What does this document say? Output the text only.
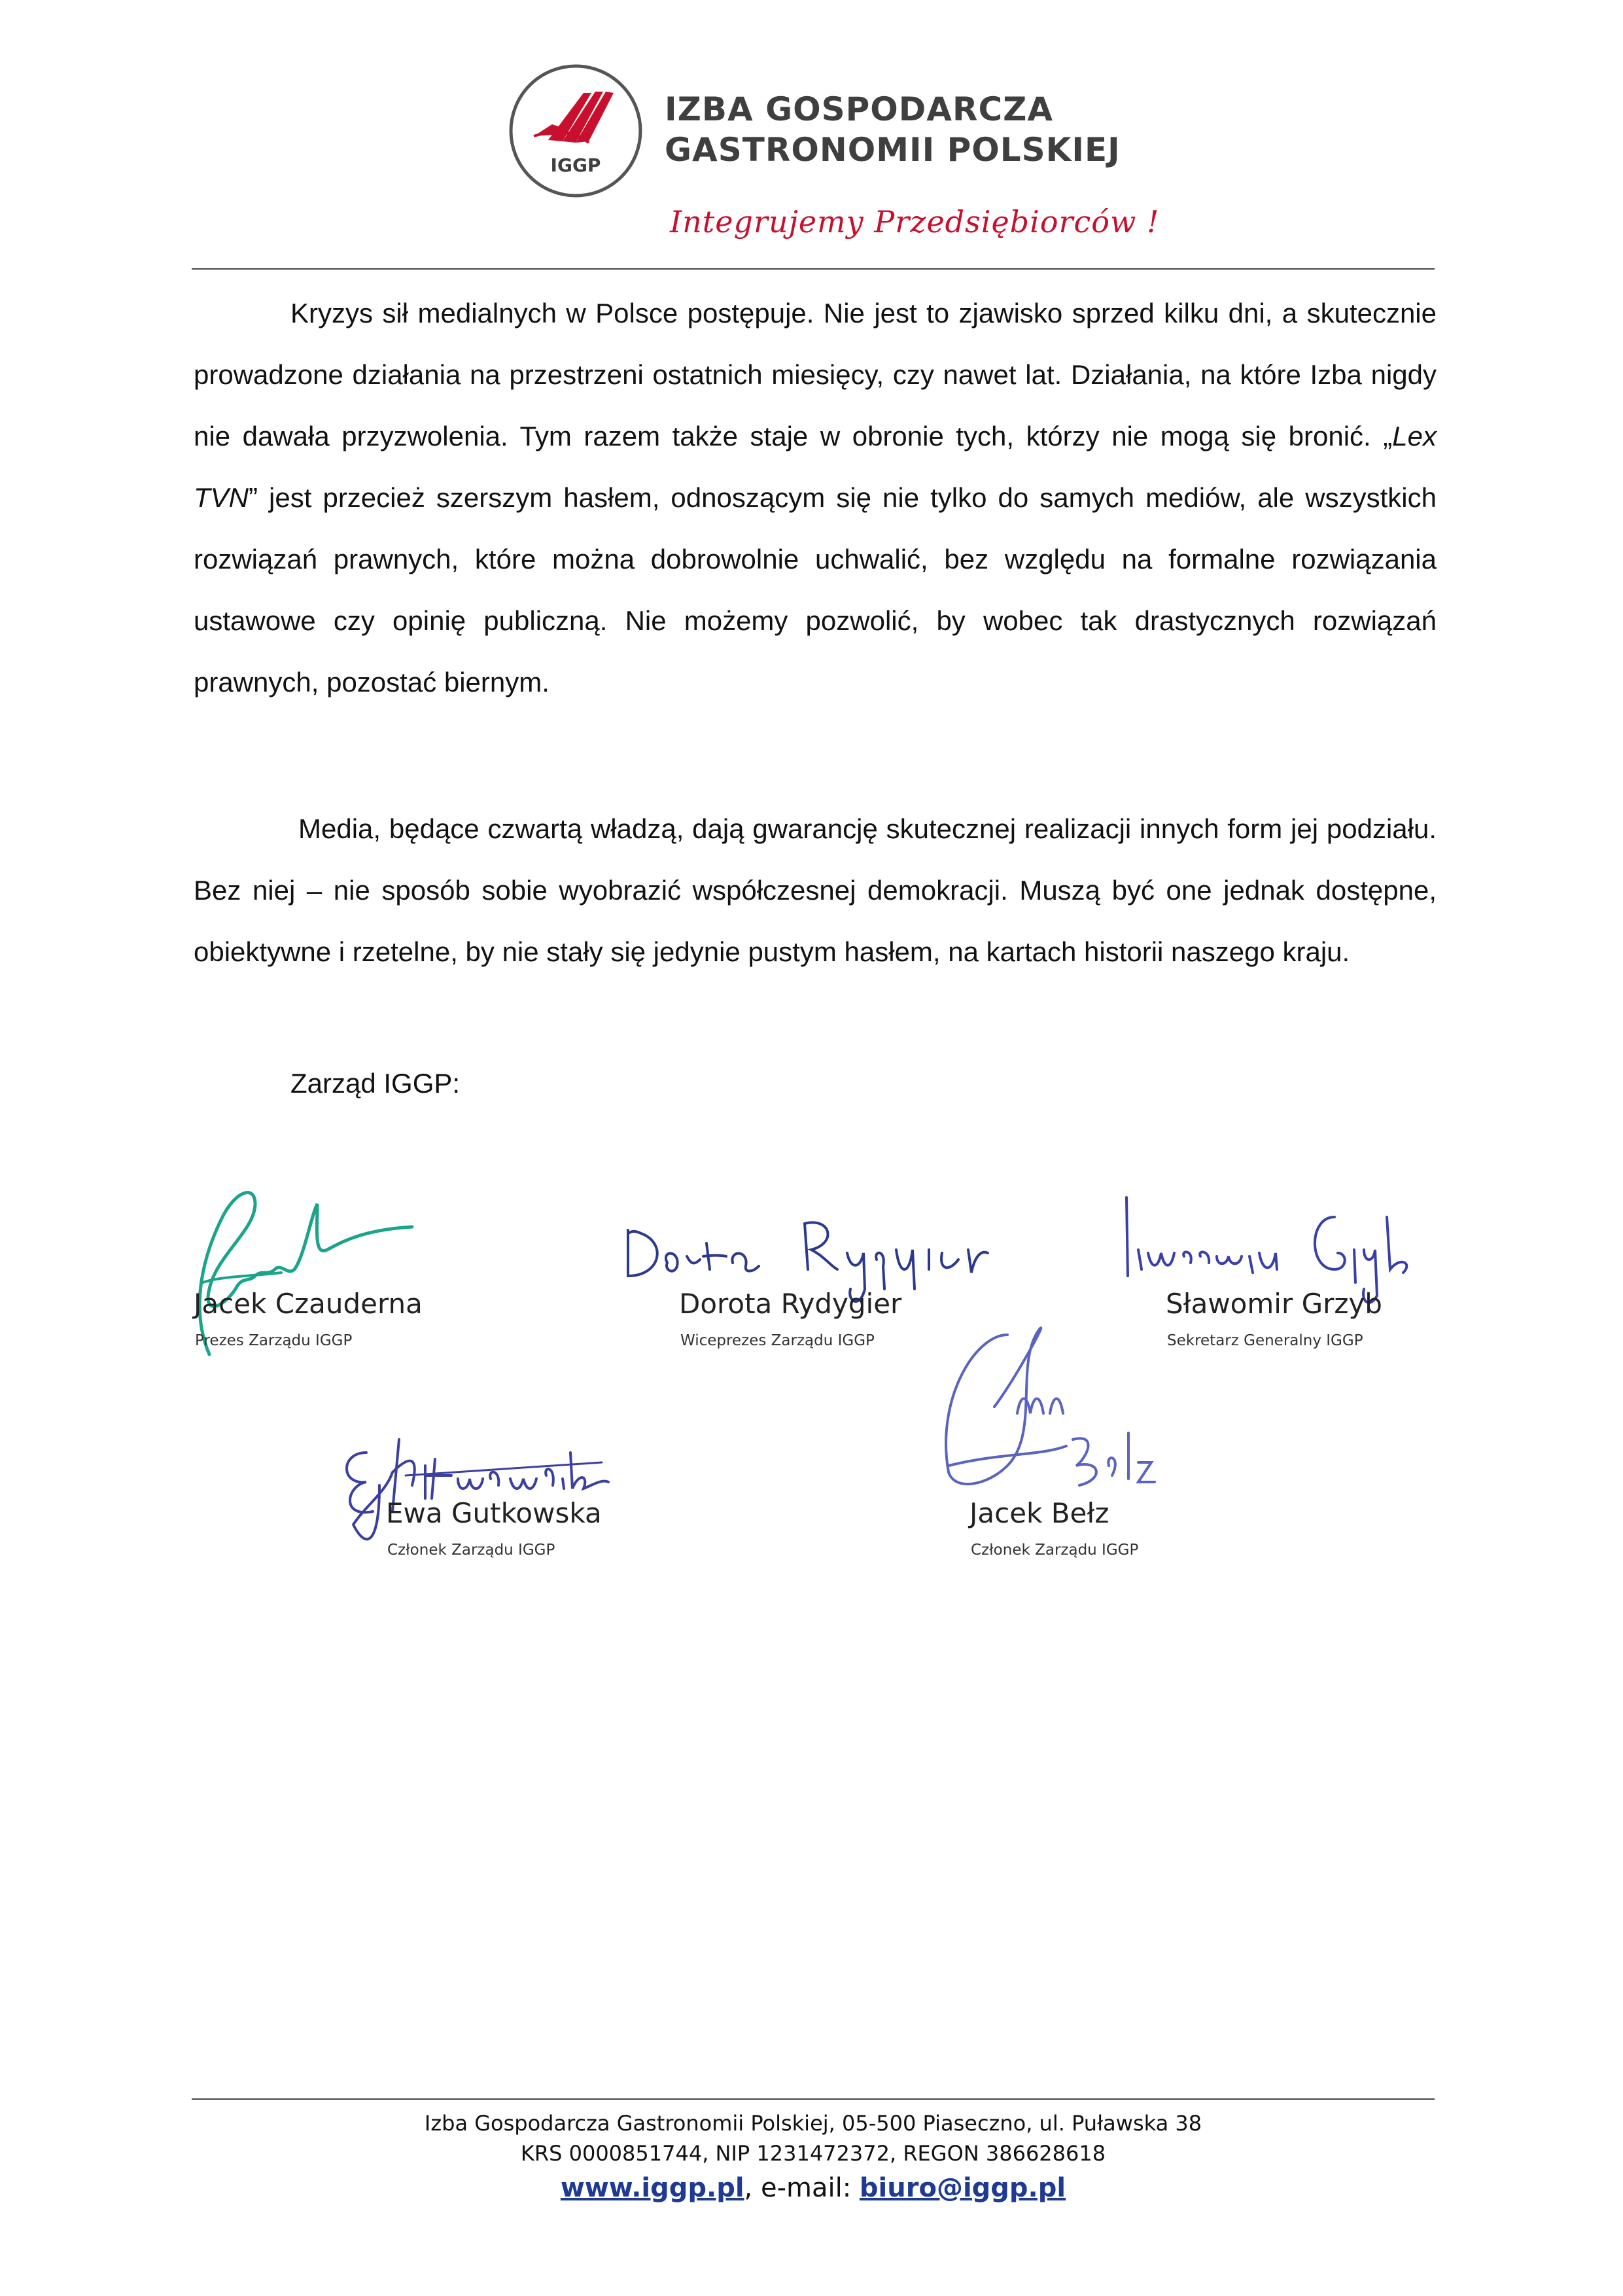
IGGP
IZBA GOSPODARCZA
GASTRONOMII POLSKIEJ
Integrujemy Przedsiębiorców !
Kryzys sił medialnych w Polsce postępuje. Nie jest to zjawisko sprzed kilku dni, a skutecznie prowadzone działania na przestrzeni ostatnich miesięcy, czy nawet lat. Działania, na które Izba nigdy nie dawała przyzwolenia. Tym razem także staje w obronie tych, którzy nie mogą się bronić. „Lex TVN” jest przecież szerszym hasłem, odnoszącym się nie tylko do samych mediów, ale wszystkich rozwiązań prawnych, które można dobrowolnie uchwalić, bez względu na formalne rozwiązania ustawowe czy opinię publiczną. Nie możemy pozwolić, by wobec tak drastycznych rozwiązań prawnych, pozostać biernym.
Media, będące czwartą władzą, dają gwarancję skutecznej realizacji innych form jej podziału. Bez niej – nie sposób sobie wyobrazić współczesnej demokracji. Muszą być one jednak dostępne, obiektywne i rzetelne, by nie stały się jedynie pustym hasłem, na kartach historii naszego kraju.
Zarząd IGGP:
Jacek Czauderna
Prezes Zarządu IGGP
Dorota Rydygier
Wiceprezes Zarządu IGGP
Sławomir Grzyb
Sekretarz Generalny IGGP
Ewa Gutkowska
Członek Zarządu IGGP
Jacek Bełz
Członek Zarządu IGGP
Izba Gospodarcza Gastronomii Polskiej, 05-500 Piaseczno, ul. Puławska 38
KRS 0000851744, NIP 1231472372, REGON 386628618
www.iggp.pl, e-mail: biuro@iggp.pl
